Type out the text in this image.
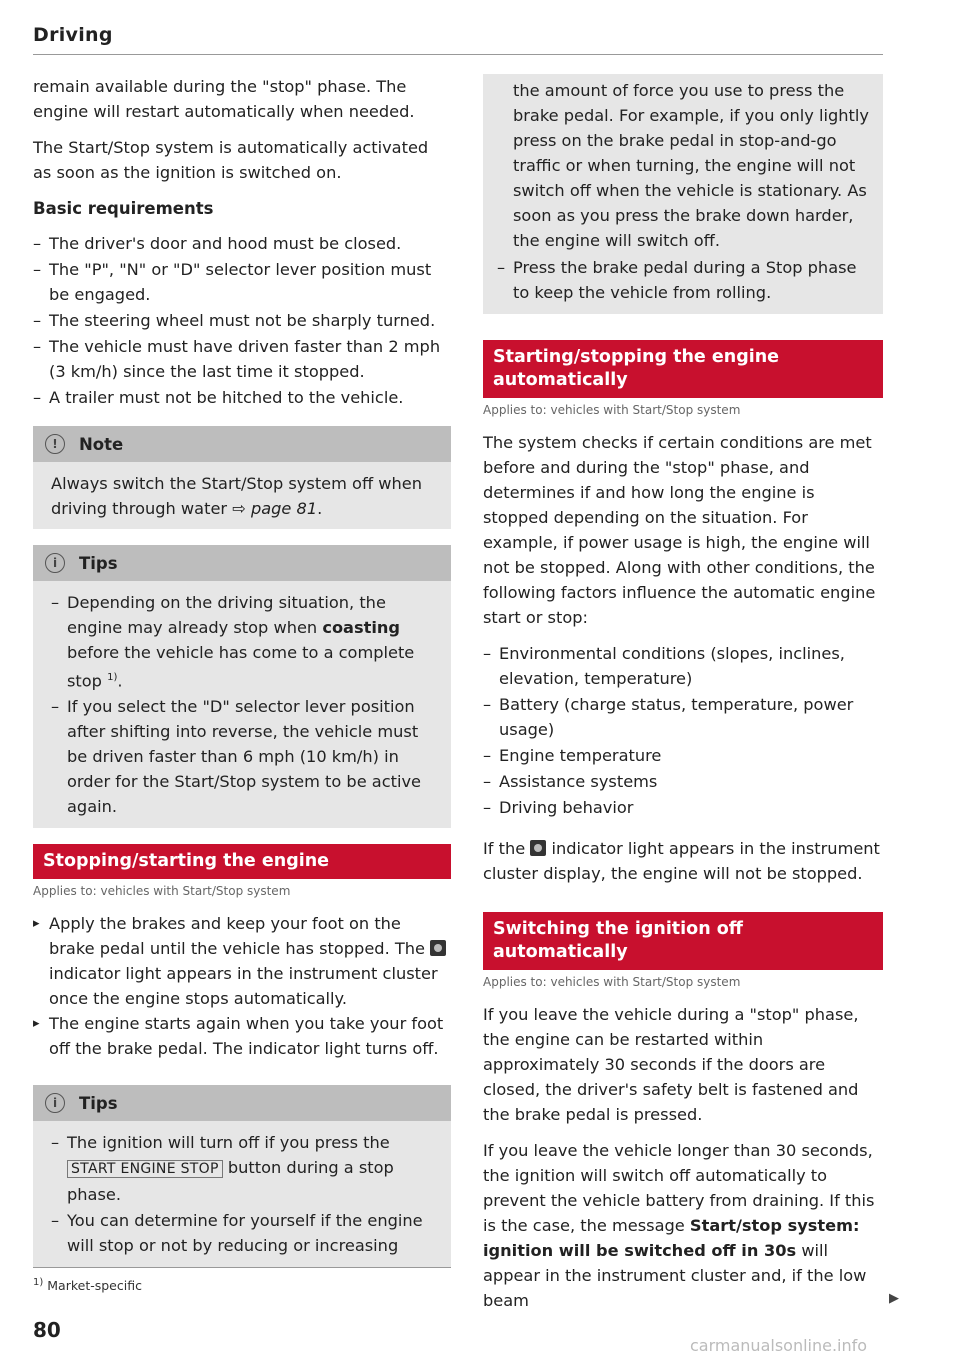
Driving

remain available during the "stop" phase. The engine will restart automatically when needed.

The Start/Stop system is automatically activated as soon as the ignition is switched on.

Basic requirements
– The driver's door and hood must be closed.
– The "P", "N" or "D" selector lever position must be engaged.
– The steering wheel must not be sharply turned.
– The vehicle must have driven faster than 2 mph (3 km/h) since the last time it stopped.
– A trailer must not be hitched to the vehicle.
!	Note
Always switch the Start/Stop system off when driving through water ⇨ page 81.
i	Tips
– Depending on the driving situation, the engine may already stop when coasting before the vehicle has come to a complete stop $^{1)}$.
– If you select the "D" selector lever position after shifting into reverse, the vehicle must be driven faster than 6 mph (10 km/h) in order for the Start/Stop system to be active again.
Stopping/starting the engine
Applies to: vehicles with Start/Stop system
▸ Apply the brakes and keep your foot on the brake pedal until the vehicle has stopped. The  indicator light appears in the instrument cluster once the engine stops automatically.
▸ The engine starts again when you take your foot off the brake pedal. The indicator light turns off.
i	Tips
– The ignition will turn off if you press the START ENGINE STOP button during a stop phase.
– You can determine for yourself if the engine will stop or not by reducing or increasing
the amount of force you use to press the brake pedal. For example, if you only lightly press on the brake pedal in stop-and-go traffic or when turning, the engine will not switch off when the vehicle is stationary. As soon as you press the brake down harder, the engine will switch off.
– Press the brake pedal during a Stop phase to keep the vehicle from rolling.
Starting/stopping the engine automatically
Applies to: vehicles with Start/Stop system

The system checks if certain conditions are met before and during the "stop" phase, and determines if and how long the engine is stopped depending on the situation. For example, if power usage is high, the engine will not be stopped. Along with other conditions, the following factors influence the automatic engine start or stop:

– Environmental conditions (slopes, inclines, elevation, temperature)
– Battery (charge status, temperature, power usage)
– Engine temperature
– Assistance systems
– Driving behavior

If the indicator light appears in the instrument cluster display, the engine will not be stopped.

Switching the ignition off automatically
Applies to: vehicles with Start/Stop system

If you leave the vehicle during a "stop" phase, the engine can be restarted within approximately 30 seconds if the doors are closed, the driver's safety belt is fastened and the brake pedal is pressed.

If you leave the vehicle longer than 30 seconds, the ignition will switch off automatically to prevent the vehicle battery from draining. If this is the case, the message Start/stop system: ignition will be switched off in 30s will appear in the instrument cluster and, if the low beam	▶

$^{1)}$ Market-specific
80
carmanualsonline.info
